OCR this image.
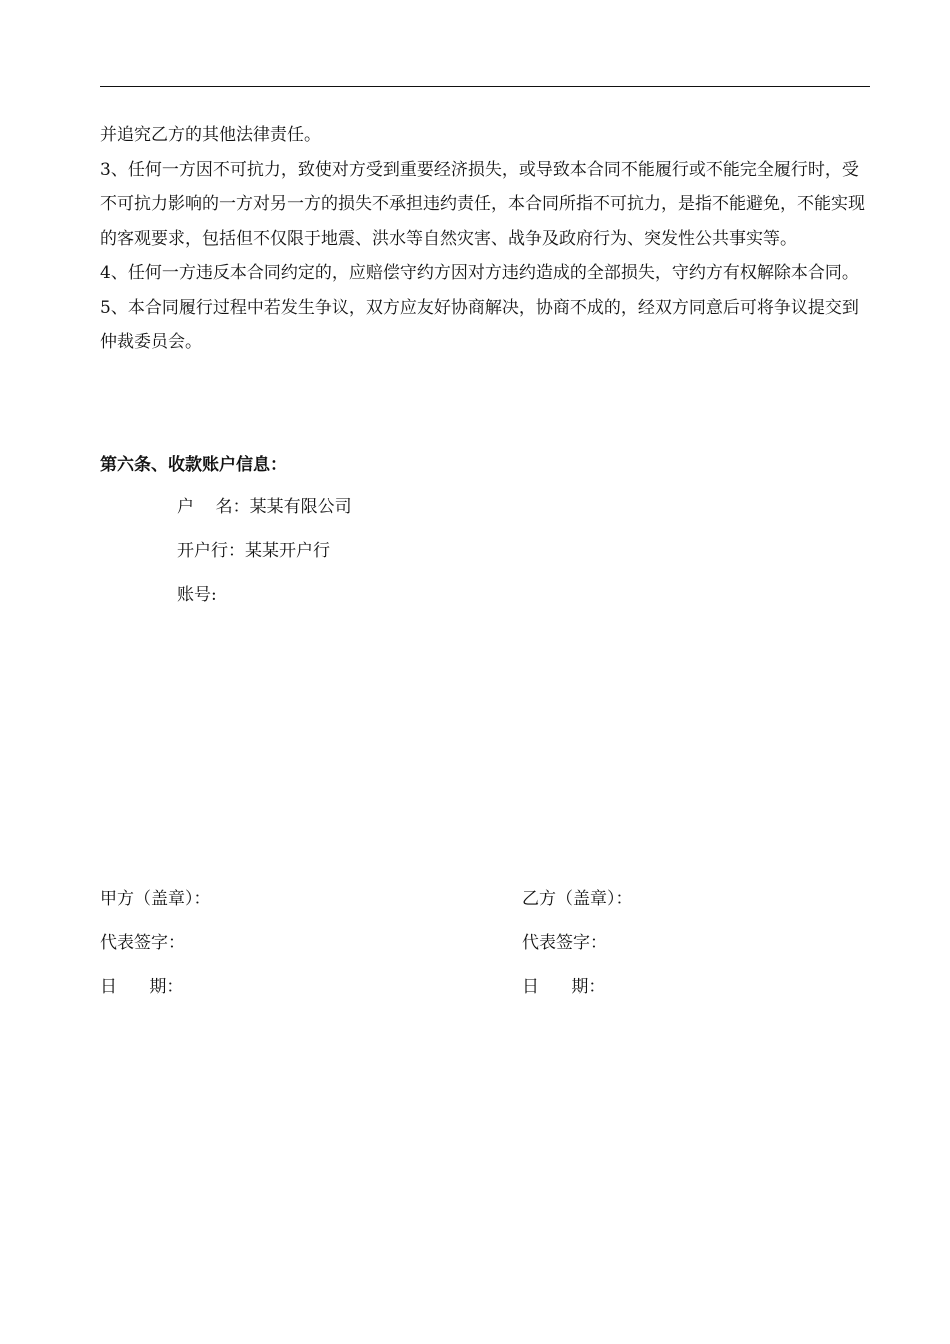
并追究乙方的其他法律责任。

3、任何一方因不可抗力，致使对方受到重要经济损失，或导致本合同不能履行或不能完全履行时，受不可抗力影响的一方对另一方的损失不承担违约责任，本合同所指不可抗力，是指不能避免，不能实现的客观要求，包括但不仅限于地震、洪水等自然灾害、战争及政府行为、突发性公共事实等。

4、任何一方违反本合同约定的，应赔偿守约方因对方违约造成的全部损失，守约方有权解除本合同。

5、本合同履行过程中若发生争议，双方应友好协商解决，协商不成的，经双方同意后可将争议提交到仲裁委员会。

第六条、收款账户信息：
户    名：某某有限公司
开户行：某某开户行
账号:
甲方（盖章）：
代表签字：
日      期：
乙方（盖章）：
代表签字：
日      期：
